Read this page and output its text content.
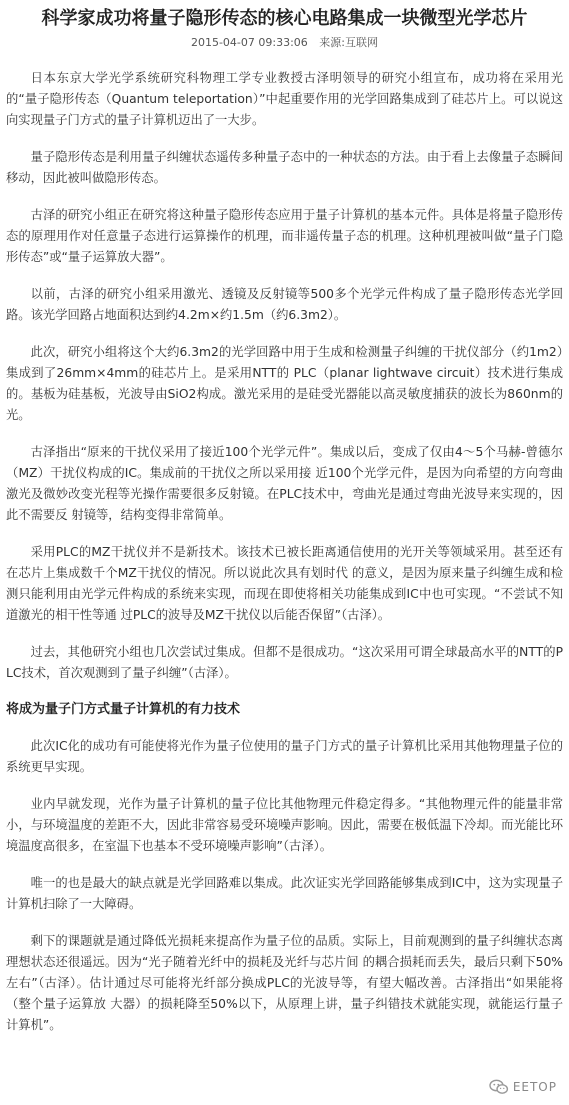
科学家成功将量子隐形传态的核心电路集成一块微型光学芯片
2015-04-07 09:33:06 来源:互联网

日本东京大学光学系统研究科物理工学专业教授古泽明领导的研究小组宣布，成功将在采用光的“量子隐形传态（Quantum teleportation）”中起重要作用的光学回路集成到了硅芯片上。可以说这向实现量子门方式的量子计算机迈出了一大步。

量子隐形传态是利用量子纠缠状态遥传多种量子态中的一种状态的方法。由于看上去像量子态瞬间移动，因此被叫做隐形传态。

古泽的研究小组正在研究将这种量子隐形传态应用于量子计算机的基本元件。具体是将量子隐形传态的原理用作对任意量子态进行运算操作的机理，而非遥传量子态的机理。这种机理被叫做“量子门隐形传态”或“量子运算放大器”。

以前，古泽的研究小组采用激光、透镜及反射镜等500多个光学元件构成了量子隐形传态光学回路。该光学回路占地面积达到约4.2m×约1.5m（约6.3m2）。

此次，研究小组将这个大约6.3m2的光学回路中用于生成和检测量子纠缠的干扰仪部分（约1m2）集成到了26mm×4mm的硅芯片上。是采用NTT的 PLC（planar lightwave circuit）技术进行集成的。基板为硅基板，光波导由SiO2构成。激光采用的是硅受光器能以高灵敏度捕获的波长为860nm的光。

古泽指出“原来的干扰仪采用了接近100个光学元件”。集成以后，变成了仅由4～5个马赫-曾德尔（MZ）干扰仪构成的IC。集成前的干扰仪之所以采用接 近100个光学元件，是因为向希望的方向弯曲激光及微妙改变光程等光操作需要很多反射镜。在PLC技术中，弯曲光是通过弯曲光波导来实现的，因此不需要反 射镜等，结构变得非常简单。

采用PLC的MZ干扰仪并不是新技术。该技术已被长距离通信使用的光开关等领域采用。甚至还有在芯片上集成数千个MZ干扰仪的情况。所以说此次具有划时代 的意义，是因为原来量子纠缠生成和检测只能利用由光学元件构成的系统来实现，而现在即使将相关功能集成到IC中也可实现。“不尝试不知道激光的相干性等通 过PLC的波导及MZ干扰仪以后能否保留”（古泽）。

过去，其他研究小组也几次尝试过集成。但都不是很成功。“这次采用可谓全球最高水平的NTT的PLC技术，首次观测到了量子纠缠”（古泽）。

将成为量子门方式量子计算机的有力技术

此次IC化的成功有可能使将光作为量子位使用的量子门方式的量子计算机比采用其他物理量子位的系统更早实现。

业内早就发现，光作为量子计算机的量子位比其他物理元件稳定得多。“其他物理元件的能量非常小，与环境温度的差距不大，因此非常容易受环境噪声影响。因此，需要在极低温下冷却。而光能比环境温度高很多，在室温下也基本不受环境噪声影响”（古泽）。

唯一的也是最大的缺点就是光学回路难以集成。此次证实光学回路能够集成到IC中，这为实现量子计算机扫除了一大障碍。

剩下的课题就是通过降低光损耗来提高作为量子位的品质。实际上，目前观测到的量子纠缠状态离理想状态还很遥远。因为“光子随着光纤中的损耗及光纤与芯片间 的耦合损耗而丢失，最后只剩下50%左右”（古泽）。估计通过尽可能将光纤部分换成PLC的光波导等，有望大幅改善。古泽指出“如果能将（整个量子运算放 大器）的损耗降至50%以下，从原理上讲，量子纠错技术就能实现，就能运行量子计算机”。

EETOP
